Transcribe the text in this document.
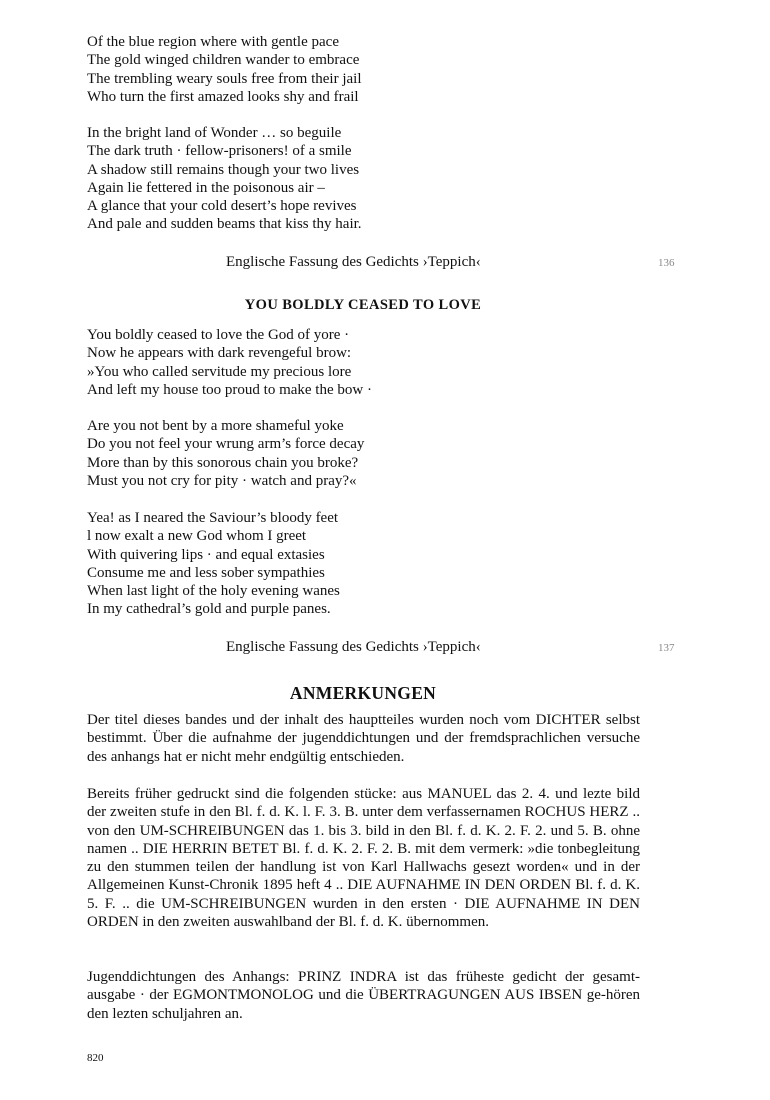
Of the blue region where with gentle pace
The gold winged children wander to embrace
The trembling weary souls free from their jail
Who turn the first amazed looks shy and frail
In the bright land of Wonder … so beguile
The dark truth · fellow-prisoners! of a smile
A shadow still remains though your two lives
Again lie fettered in the poisonous air –
A glance that your cold desert’s hope revives
And pale and sudden beams that kiss thy hair.
Englische Fassung des Gedichts ›Teppich‹	136
YOU BOLDLY CEASED TO LOVE
You boldly ceased to love the God of yore ·
Now he appears with dark revengeful brow:
»You who called servitude my precious lore
And left my house too proud to make the bow ·
Are you not bent by a more shameful yoke
Do you not feel your wrung arm’s force decay
More than by this sonorous chain you broke?
Must you not cry for pity · watch and pray?«
Yea! as I neared the Saviour’s bloody feet
l now exalt a new God whom I greet
With quivering lips · and equal extasies
Consume me and less sober sympathies
When last light of the holy evening wanes
In my cathedral’s gold and purple panes.
Englische Fassung des Gedichts ›Teppich‹	137
ANMERKUNGEN
Der titel dieses bandes und der inhalt des hauptteiles wurden noch vom DICHTER selbst bestimmt. Über die aufnahme der jugenddichtungen und der fremdsprachlichen versuche des anhangs hat er nicht mehr endgültig entschieden.
Bereits früher gedruckt sind die folgenden stücke: aus MANUEL das 2. 4. und lezte bild der zweiten stufe in den Bl. f. d. K. l. F. 3. B. unter dem verfassernamen ROCHUS HERZ .. von den UM-SCHREIBUNGEN das 1. bis 3. bild in den Bl. f. d. K. 2. F. 2. und 5. B. ohne namen .. DIE HERRIN BETET Bl. f. d. K. 2. F. 2. B. mit dem vermerk: »die tonbegleitung zu den stummen teilen der handlung ist von Karl Hallwachs gesezt worden« und in der Allgemeinen Kunst-Chronik 1895 heft 4 .. DIE AUFNAHME IN DEN ORDEN Bl. f. d. K. 5. F. .. die UM-SCHREIBUNGEN wurden in den ersten · DIE AUFNAHME IN DEN ORDEN in den zweiten auswahlband der Bl. f. d. K. übernommen.
Jugenddichtungen des Anhangs: PRINZ INDRA ist das früheste gedicht der gesamt-ausgabe · der EGMONTMONOLOG und die ÜBERTRAGUNGEN AUS IBSEN ge-hören den lezten schuljahren an.
820
